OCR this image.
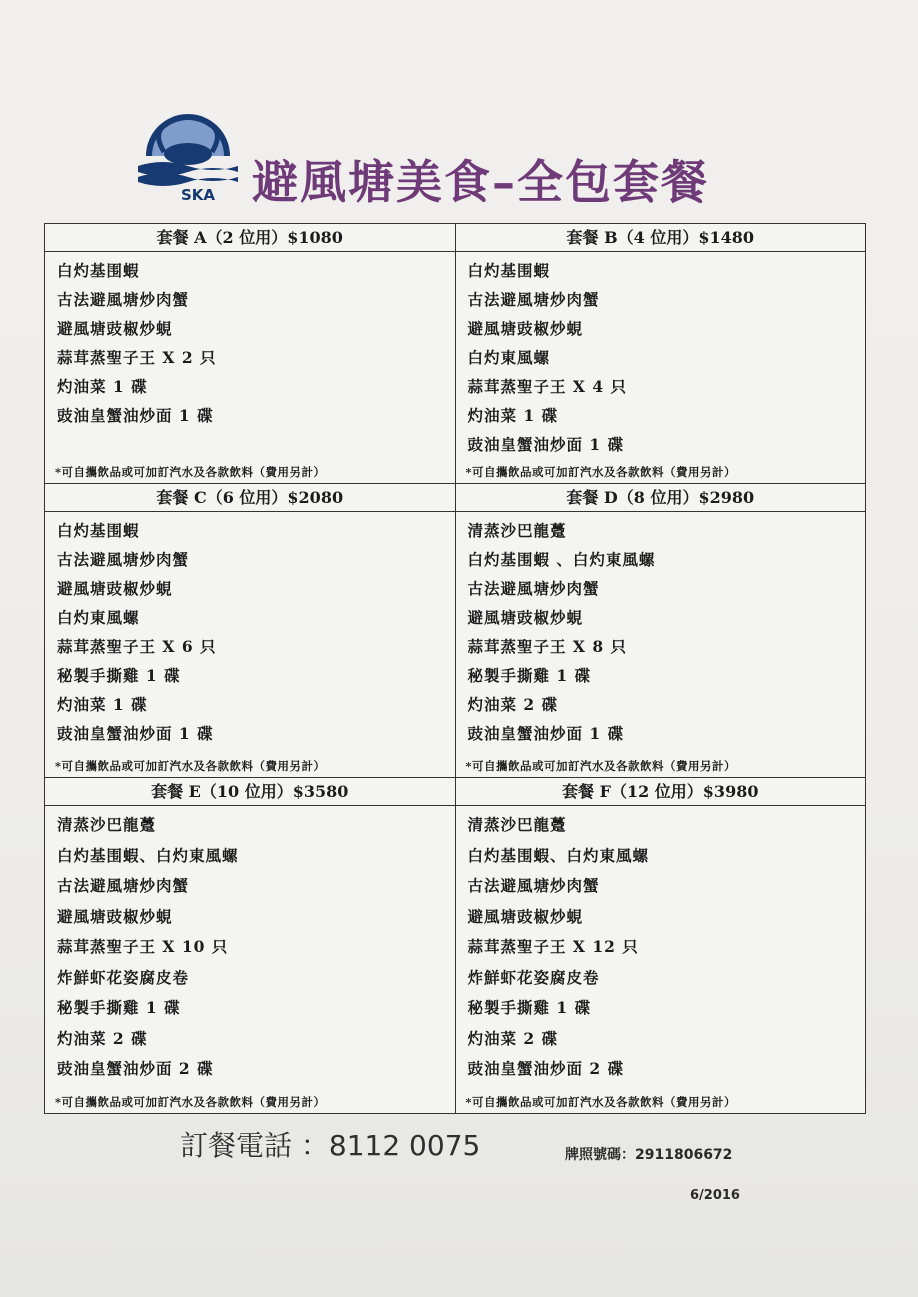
SKA 避風塘美食–全包套餐
套餐 A（2 位用）$1080
白灼基围蝦
古法避風塘炒肉蟹
避風塘豉椒炒蜆
蒜茸蒸聖子王 X 2 只
灼油菜 1 碟
豉油皇蟹油炒面 1 碟
*可自攜飲品或可加訂汽水及各款飲料（費用另計）
套餐 B（4 位用）$1480
白灼基围蝦
古法避風塘炒肉蟹
避風塘豉椒炒蜆
白灼東風螺
蒜茸蒸聖子王 X 4 只
灼油菜 1 碟
豉油皇蟹油炒面 1 碟
*可自攜飲品或可加訂汽水及各款飲料（費用另計）
套餐 C（6 位用）$2080
白灼基围蝦
古法避風塘炒肉蟹
避風塘豉椒炒蜆
白灼東風螺
蒜茸蒸聖子王 X 6 只
秘製手撕雞 1 碟
灼油菜 1 碟
豉油皇蟹油炒面 1 碟
*可自攜飲品或可加訂汽水及各款飲料（費用另計）
套餐 D（8 位用）$2980
清蒸沙巴龍躉
白灼基围蝦 、白灼東風螺
古法避風塘炒肉蟹
避風塘豉椒炒蜆
蒜茸蒸聖子王 X 8 只
秘製手撕雞 1 碟
灼油菜 2 碟
豉油皇蟹油炒面 1 碟
*可自攜飲品或可加訂汽水及各款飲料（費用另計）
套餐 E（10 位用）$3580
清蒸沙巴龍躉
白灼基围蝦、白灼東風螺
古法避風塘炒肉蟹
避風塘豉椒炒蜆
蒜茸蒸聖子王 X 10 只
炸鮮虾花姿腐皮卷
秘製手撕雞 1 碟
灼油菜 2 碟
豉油皇蟹油炒面 2 碟
*可自攜飲品或可加訂汽水及各款飲料（費用另計）
套餐 F（12 位用）$3980
清蒸沙巴龍躉
白灼基围蝦、白灼東風螺
古法避風塘炒肉蟹
避風塘豉椒炒蜆
蒜茸蒸聖子王 X 12 只
炸鮮虾花姿腐皮卷
秘製手撕雞 1 碟
灼油菜 2 碟
豉油皇蟹油炒面 2 碟
*可自攜飲品或可加訂汽水及各款飲料（費用另計）
訂餐電話 ：8112 0075	牌照號碼：2911806672
6/2016
